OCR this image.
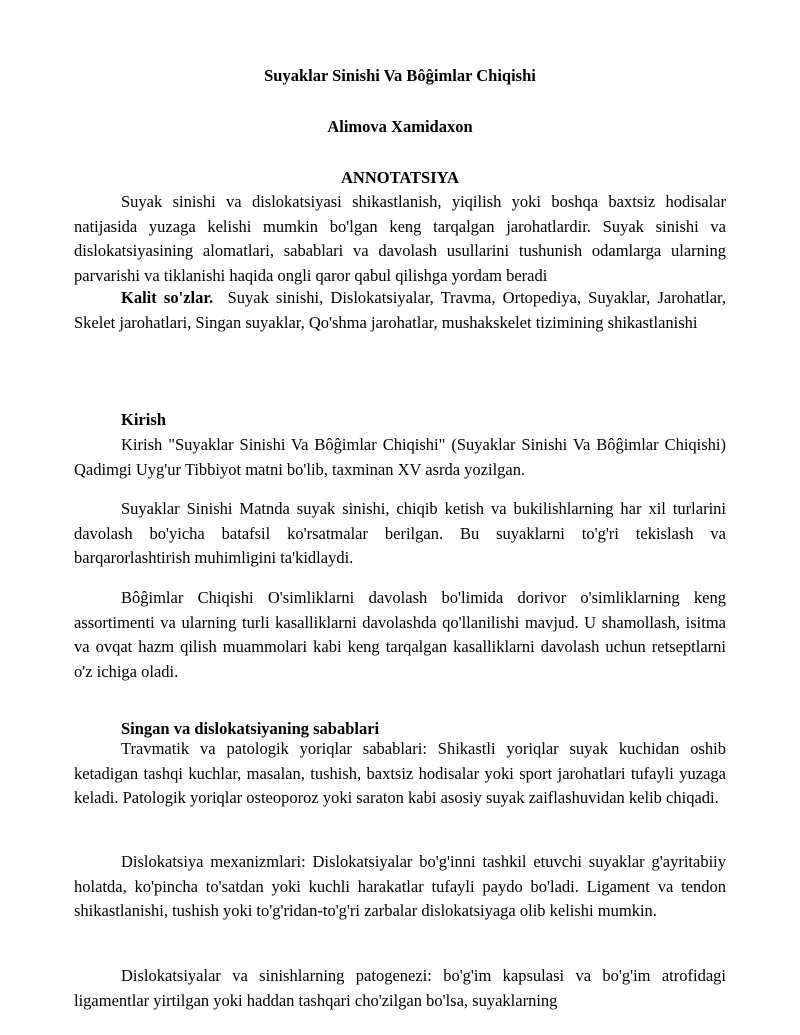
Suyaklar Sinishi Va Bôĝimlar Chiqishi
Alimova Xamidaxon
ANNOTATSIYA

Suyak sinishi va dislokatsiyasi shikastlanish, yiqilish yoki boshqa baxtsiz hodisalar natijasida yuzaga kelishi mumkin bo'lgan keng tarqalgan jarohatlardir. Suyak sinishi va dislokatsiyasining alomatlari, sabablari va davolash usullarini tushunish odamlarga ularning parvarishi va tiklanishi haqida ongli qaror qabul qilishga yordam beradi

Kalit so'zlar. Suyak sinishi, Dislokatsiyalar, Travma, Ortopediya, Suyaklar, Jarohatlar, Skelet jarohatlari, Singan suyaklar, Qo'shma jarohatlar, mushakskelet tizimining shikastlanishi

Kirish

Kirish "Suyaklar Sinishi Va Bôĝimlar Chiqishi" (Suyaklar Sinishi Va Bôĝimlar Chiqishi) Qadimgi Uyg'ur Tibbiyot matni bo'lib, taxminan XV asrda yozilgan.

Suyaklar Sinishi Matnda suyak sinishi, chiqib ketish va bukilishlarning har xil turlarini davolash bo'yicha batafsil ko'rsatmalar berilgan. Bu suyaklarni to'g'ri tekislash va barqarorlashtirish muhimligini ta'kidlaydi.

Bôĝimlar Chiqishi O'simliklarni davolash bo'limida dorivor o'simliklarning keng assortimenti va ularning turli kasalliklarni davolashda qo'llanilishi mavjud. U shamollash, isitma va ovqat hazm qilish muammolari kabi keng tarqalgan kasalliklarni davolash uchun retseptlarni o'z ichiga oladi.

Singan va dislokatsiyaning sabablari

Travmatik va patologik yoriqlar sabablari: Shikastli yoriqlar suyak kuchidan oshib ketadigan tashqi kuchlar, masalan, tushish, baxtsiz hodisalar yoki sport jarohatlari tufayli yuzaga keladi. Patologik yoriqlar osteoporoz yoki saraton kabi asosiy suyak zaiflashuvidan kelib chiqadi.

Dislokatsiya mexanizmlari: Dislokatsiyalar bo'g'inni tashkil etuvchi suyaklar g'ayritabiiy holatda, ko'pincha to'satdan yoki kuchli harakatlar tufayli paydo bo'ladi. Ligament va tendon shikastlanishi, tushish yoki to'g'ridan-to'g'ri zarbalar dislokatsiyaga olib kelishi mumkin.

Dislokatsiyalar va sinishlarning patogenezi: bo'g'im kapsulasi va bo'g'im atrofidagi ligamentlar yirtilgan yoki haddan tashqari cho'zilgan bo'lsa, suyaklarning
